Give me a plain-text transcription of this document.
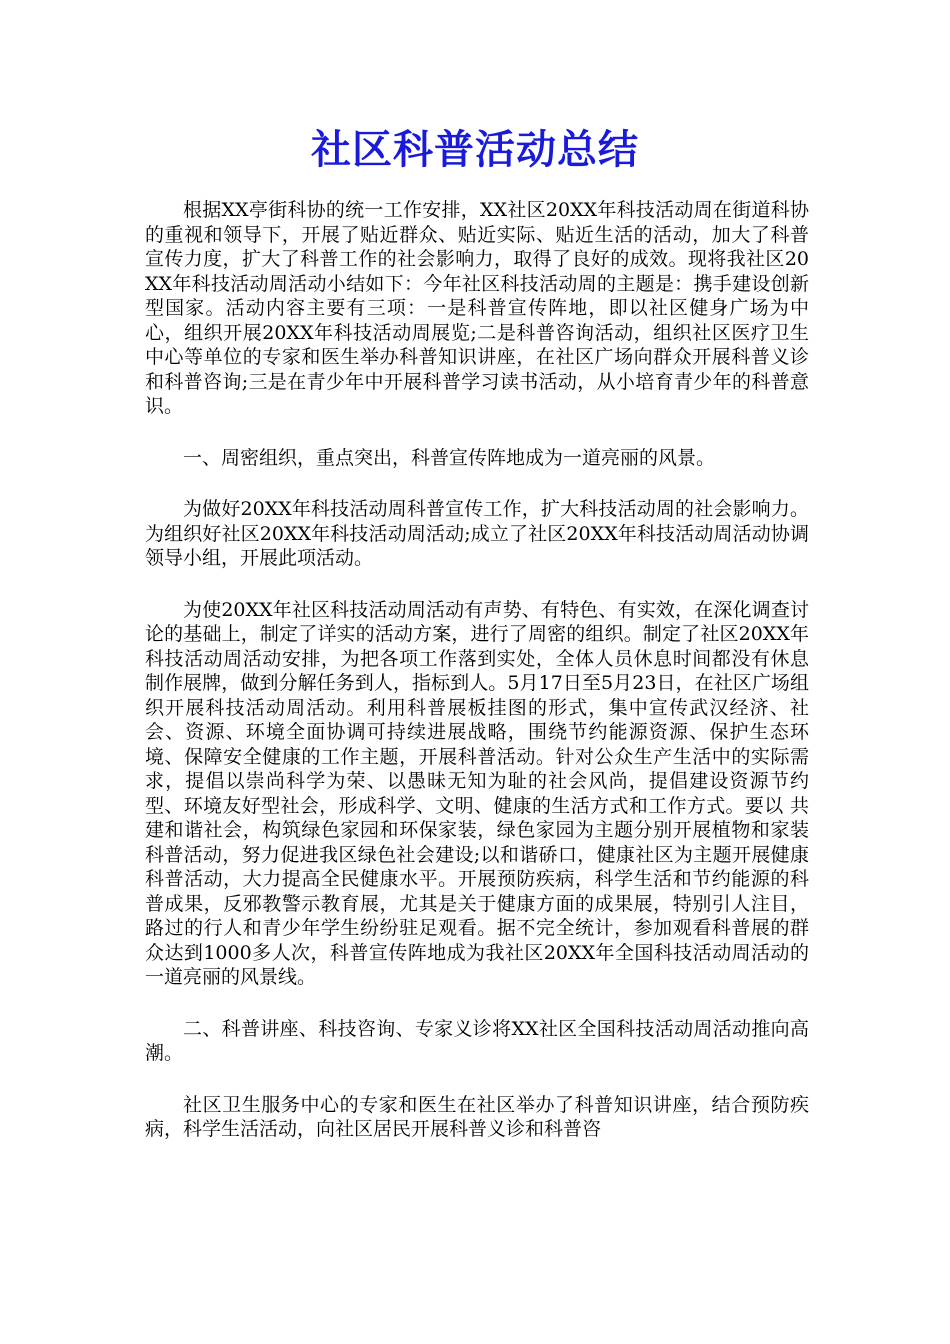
社区科普活动总结

根据XX亭街科协的统一工作安排，XX社区20XX年科技活动周在街道科协的重视和领导下，开展了贴近群众、贴近实际、贴近生活的活动，加大了科普宣传力度，扩大了科普工作的社会影响力，取得了良好的成效。现将我社区20XX年科技活动周活动小结如下：今年社区科技活动周的主题是：携手建设创新型国家。活动内容主要有三项：一是科普宣传阵地，即以社区健身广场为中心，组织开展20XX年科技活动周展览;二是科普咨询活动，组织社区医疗卫生中心等单位的专家和医生举办科普知识讲座，在社区广场向群众开展科普义诊和科普咨询;三是在青少年中开展科普学习读书活动，从小培育青少年的科普意识。

一、周密组织，重点突出，科普宣传阵地成为一道亮丽的风景。

为做好20XX年科技活动周科普宣传工作，扩大科技活动周的社会影响力。为组织好社区20XX年科技活动周活动;成立了社区20XX年科技活动周活动协调领导小组，开展此项活动。

为使20XX年社区科技活动周活动有声势、有特色、有实效，在深化调查讨论的基础上，制定了详实的活动方案，进行了周密的组织。制定了社区20XX年科技活动周活动安排，为把各项工作落到实处，全体人员休息时间都没有休息制作展牌，做到分解任务到人，指标到人。5月17日至5月23日，在社区广场组织开展科技活动周活动。利用科普展板挂图的形式，集中宣传武汉经济、社会、资源、环境全面协调可持续进展战略，围绕节约能源资源、保护生态环境、保障安全健康的工作主题，开展科普活动。针对公众生产生活中的实际需求，提倡以崇尚科学为荣、以愚昧无知为耻的社会风尚，提倡建设资源节约型、环境友好型社会，形成科学、文明、健康的生活方式和工作方式。要以 共建和谐社会，构筑绿色家园和环保家装，绿色家园为主题分别开展植物和家装科普活动，努力促进我区绿色社会建设;以和谐硚口，健康社区为主题开展健康科普活动，大力提高全民健康水平。开展预防疾病，科学生活和节约能源的科普成果，反邪教警示教育展，尤其是关于健康方面的成果展，特别引人注目，路过的行人和青少年学生纷纷驻足观看。据不完全统计，参加观看科普展的群众达到1000多人次，科普宣传阵地成为我社区20XX年全国科技活动周活动的一道亮丽的风景线。

二、科普讲座、科技咨询、专家义诊将XX社区全国科技活动周活动推向高潮。

社区卫生服务中心的专家和医生在社区举办了科普知识讲座，结合预防疾病，科学生活活动，向社区居民开展科普义诊和科普咨
